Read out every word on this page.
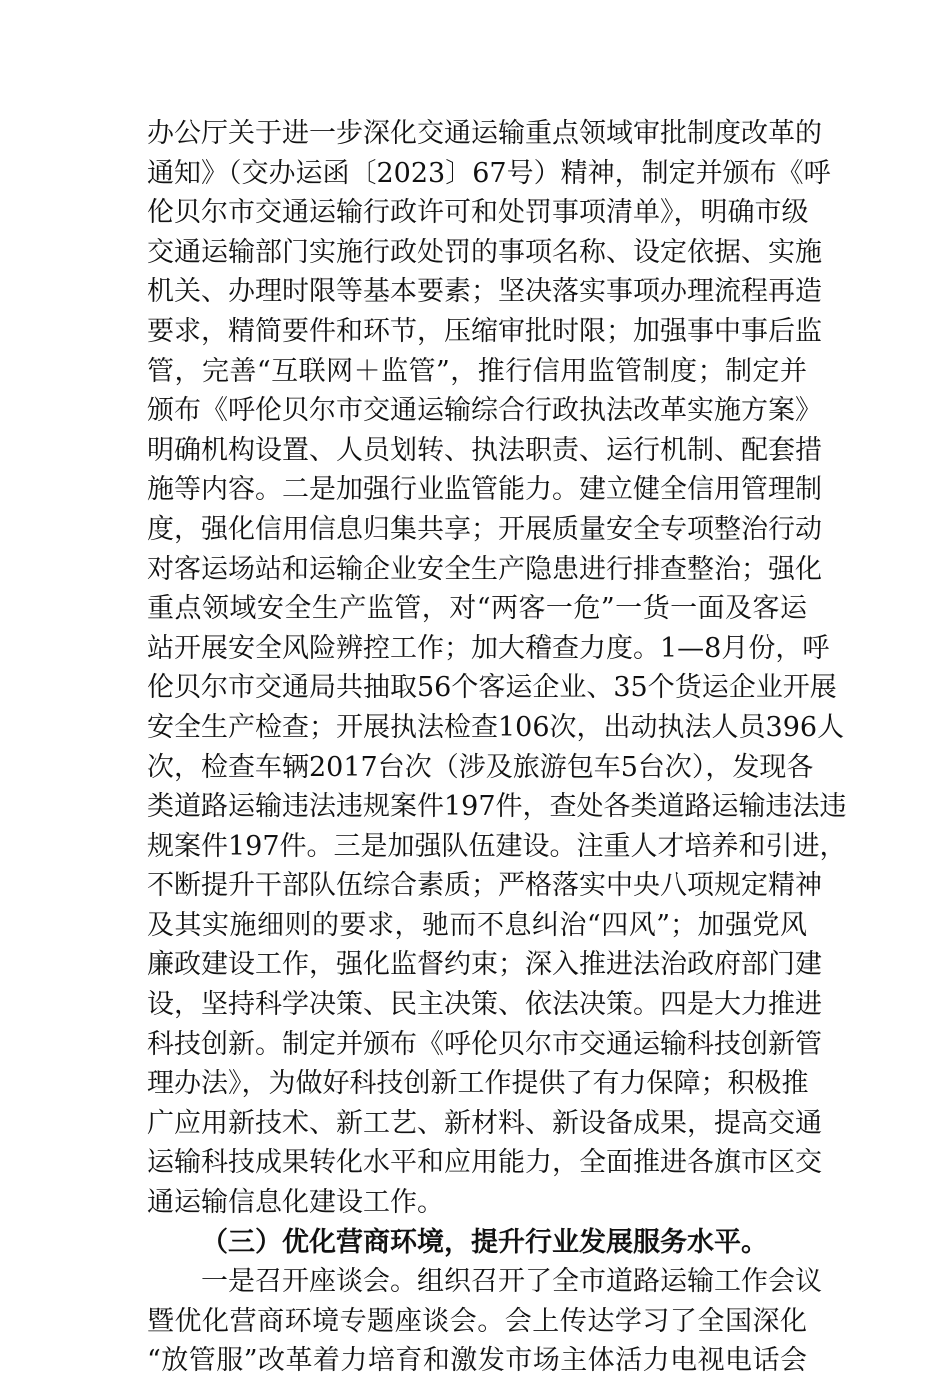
办公厅关于进一步深化交通运输重点领域审批制度改革的
通知》（交办运函〔2023〕67号）精神，制定并颁布《呼
伦贝尔市交通运输行政许可和处罚事项清单》，明确市级
交通运输部门实施行政处罚的事项名称、设定依据、实施
机关、办理时限等基本要素；坚决落实事项办理流程再造
要求，精简要件和环节，压缩审批时限；加强事中事后监
管，完善“互联网＋监管”，推行信用监管制度；制定并
颁布《呼伦贝尔市交通运输综合行政执法改革实施方案》
明确机构设置、人员划转、执法职责、运行机制、配套措
施等内容。二是加强行业监管能力。建立健全信用管理制
度，强化信用信息归集共享；开展质量安全专项整治行动
对客运场站和运输企业安全生产隐患进行排查整治；强化
重点领域安全生产监管，对“两客一危”一货一面及客运
站开展安全风险辨控工作；加大稽查力度。1—8月份，呼
伦贝尔市交通局共抽取56个客运企业、35个货运企业开展
安全生产检查；开展执法检查106次，出动执法人员396人
次，检查车辆2017台次（涉及旅游包车5台次），发现各
类道路运输违法违规案件197件，查处各类道路运输违法违
规案件197件。三是加强队伍建设。注重人才培养和引进，
不断提升干部队伍综合素质；严格落实中央八项规定精神
及其实施细则的要求，驰而不息纠治“四风”；加强党风
廉政建设工作，强化监督约束；深入推进法治政府部门建
设，坚持科学决策、民主决策、依法决策。四是大力推进
科技创新。制定并颁布《呼伦贝尔市交通运输科技创新管
理办法》，为做好科技创新工作提供了有力保障；积极推
广应用新技术、新工艺、新材料、新设备成果，提高交通
运输科技成果转化水平和应用能力，全面推进各旗市区交
通运输信息化建设工作。
（三）优化营商环境，提升行业发展服务水平。
一是召开座谈会。组织召开了全市道路运输工作会议
暨优化营商环境专题座谈会。会上传达学习了全国深化
“放管服”改革着力培育和激发市场主体活力电视电话会
